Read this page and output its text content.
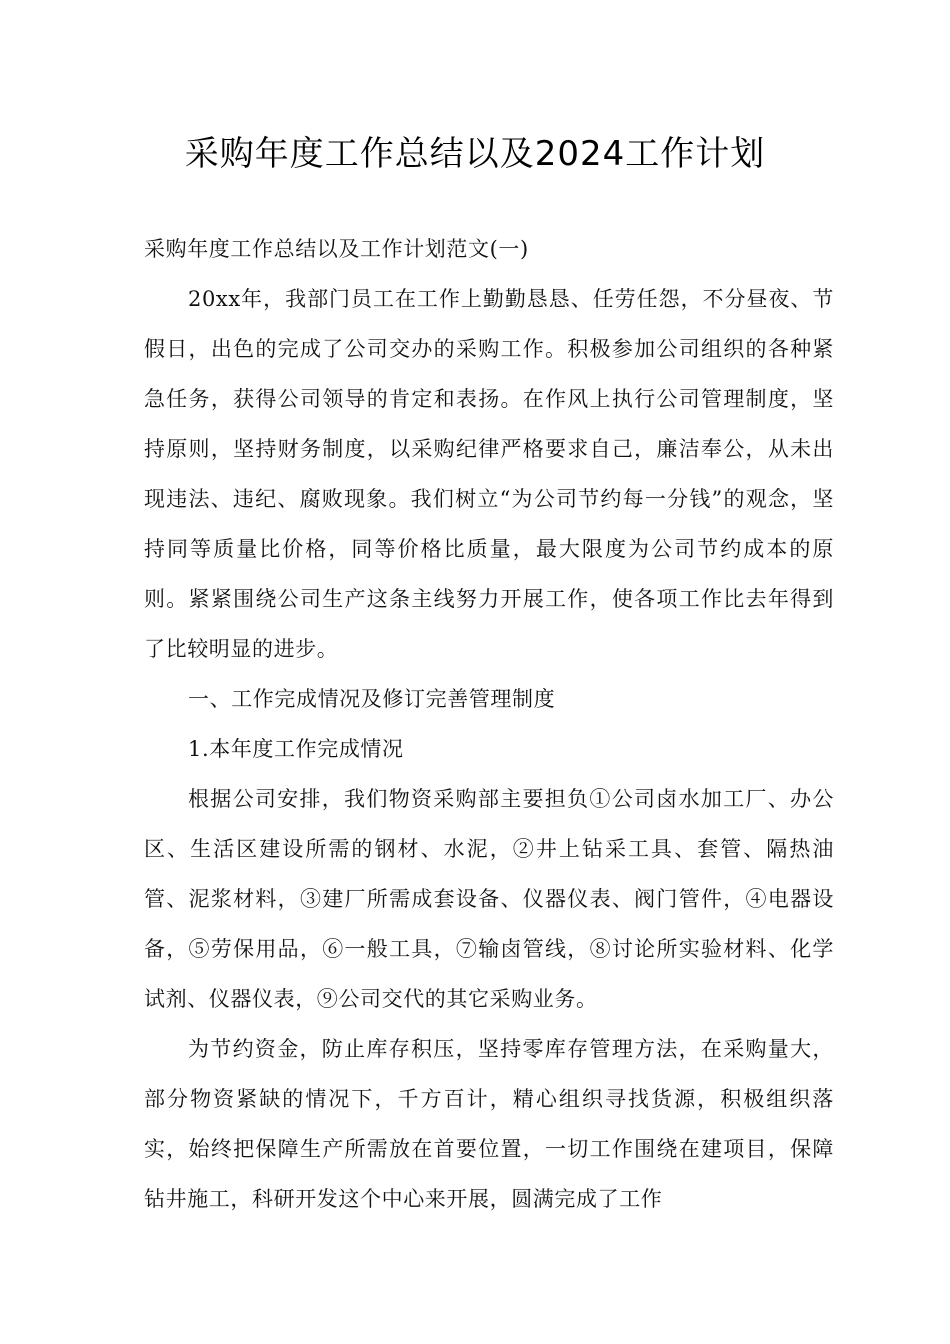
采购年度工作总结以及2024工作计划

采购年度工作总结以及工作计划范文(一)

20xx年，我部门员工在工作上勤勤恳恳、任劳任怨，不分昼夜、节假日，出色的完成了公司交办的采购工作。积极参加公司组织的各种紧急任务，获得公司领导的肯定和表扬。在作风上执行公司管理制度，坚持原则，坚持财务制度，以采购纪律严格要求自己，廉洁奉公，从未出现违法、违纪、腐败现象。我们树立“为公司节约每一分钱”的观念，坚持同等质量比价格，同等价格比质量，最大限度为公司节约成本的原则。紧紧围绕公司生产这条主线努力开展工作，使各项工作比去年得到了比较明显的进步。

一、工作完成情况及修订完善管理制度

1.本年度工作完成情况

根据公司安排，我们物资采购部主要担负①公司卤水加工厂、办公区、生活区建设所需的钢材、水泥，②井上钻采工具、套管、隔热油管、泥浆材料，③建厂所需成套设备、仪器仪表、阀门管件，④电器设备，⑤劳保用品，⑥一般工具，⑦输卤管线，⑧讨论所实验材料、化学试剂、仪器仪表，⑨公司交代的其它采购业务。

为节约资金，防止库存积压，坚持零库存管理方法，在采购量大，部分物资紧缺的情况下，千方百计，精心组织寻找货源，积极组织落实，始终把保障生产所需放在首要位置，一切工作围绕在建项目，保障钻井施工，科研开发这个中心来开展，圆满完成了工作
